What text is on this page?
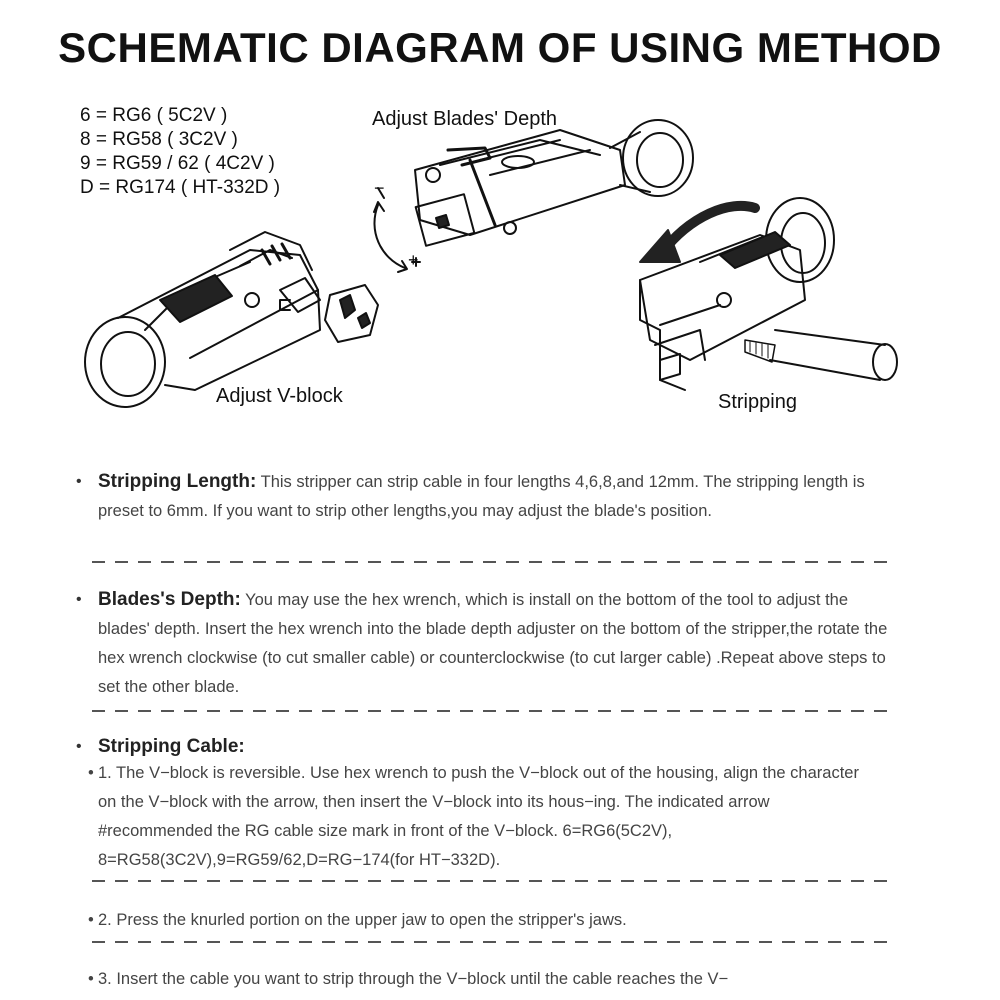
SCHEMATIC DIAGRAM OF USING METHOD
6 = RG6 ( 5C2V )
8 = RG58 ( 3C2V )
9 = RG59 / 62 ( 4C2V )
D = RG174 ( HT-332D )
Adjust Blades' Depth
Adjust V-block	Stripping
−
+
• Stripping Length: This stripper can strip cable in four lengths 4,6,8,and 12mm. The stripping length is preset to 6mm. If you want to strip other lengths,you may adjust the blade's position.
• Blades's Depth: You may use the hex wrench, which is install on the bottom of the tool to adjust the blades' depth. Insert the hex wrench into the blade depth adjuster on the bottom of the stripper,the rotate the hex wrench clockwise (to cut smaller cable) or counterclockwise (to cut larger cable) .Repeat above steps to set the other blade.
• Stripping Cable:
• 1. The V−block is reversible. Use hex wrench to push the V−block out of the housing, align the character on the V−block with the arrow, then insert the V−block into its hous−ing. The indicated arrow #recommended the RG cable size mark in front of the V−block. 6=RG6(5C2V), 8=RG58(3C2V),9=RG59/62,D=RG−174(for HT−332D).
• 2. Press the knurled portion on the upper jaw to open the stripper's jaws.
• 3. Insert the cable you want to strip through the V−block until the cable reaches the V−
